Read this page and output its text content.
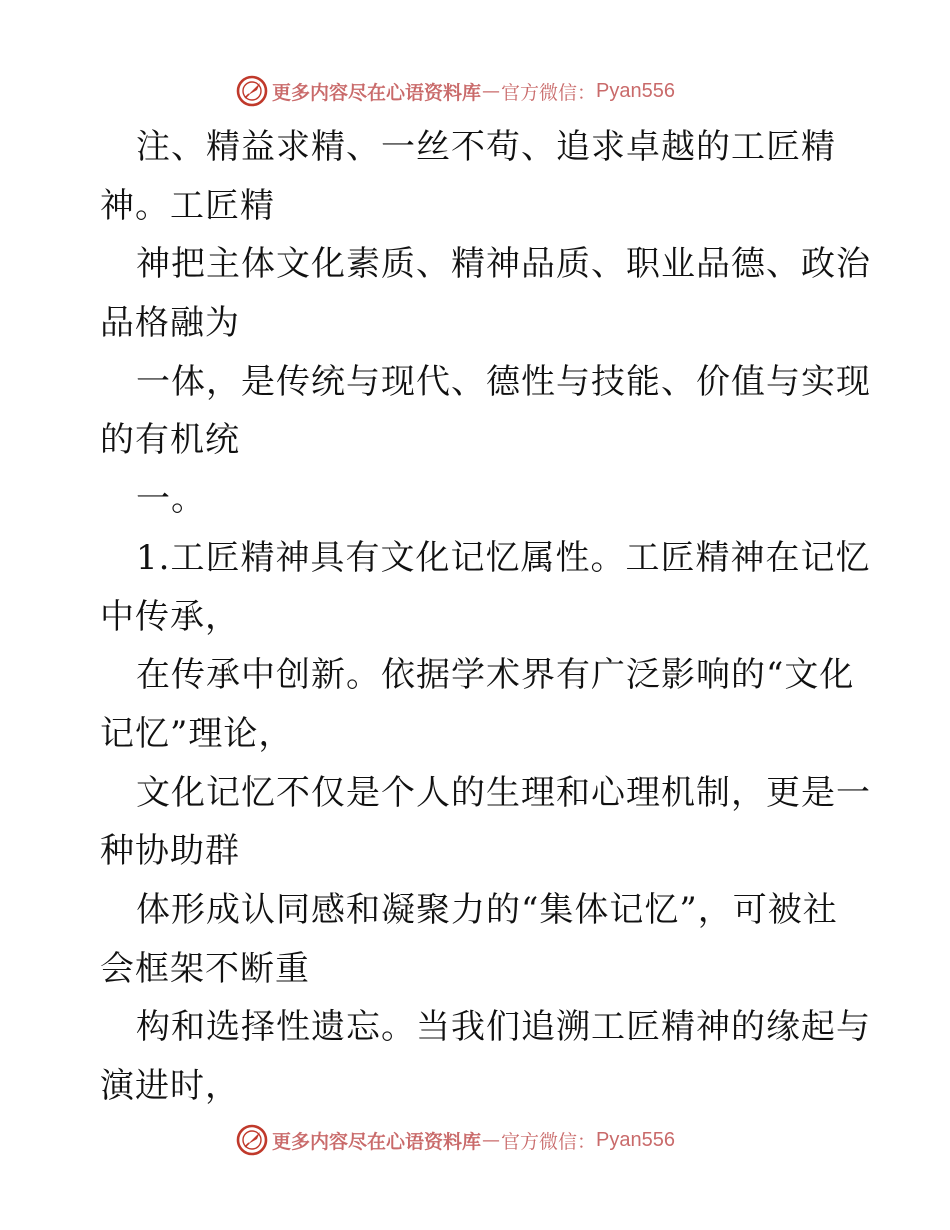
更多内容尽在心语资料库 — 官方微信： Pyan556
注、精益求精、一丝不苟、追求卓越的工匠精
神。工匠精
神把主体文化素质、精神品质、职业品德、政治
品格融为
一体，是传统与现代、德性与技能、价值与实现
的有机统
一。
1.工匠精神具有文化记忆属性。工匠精神在记忆
中传承，
在传承中创新。依据学术界有广泛影响的“文化
记忆”理论，
文化记忆不仅是个人的生理和心理机制，更是一
种协助群
体形成认同感和凝聚力的“集体记忆”，可被社
会框架不断重
构和选择性遗忘。当我们追溯工匠精神的缘起与
演进时，
更多内容尽在心语资料库 — 官方微信： Pyan556
